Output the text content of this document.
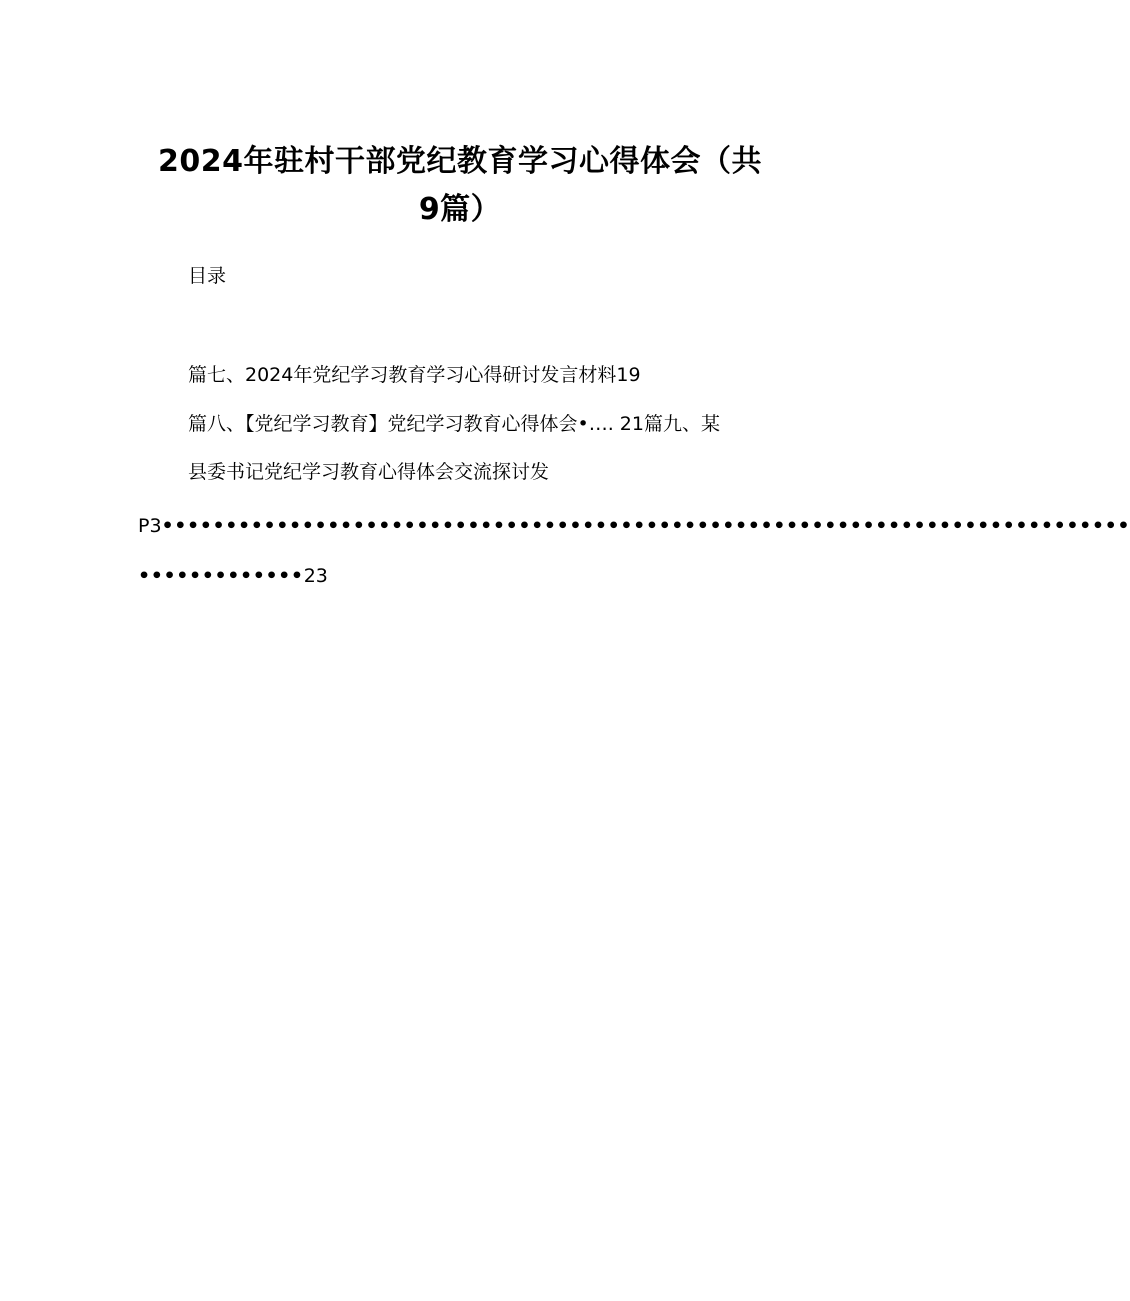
2024年驻村干部党纪教育学习心得体会（共
9篇）
目录
篇七、2024年党纪学习教育学习心得研讨发言材料19
篇八、【党纪学习教育】党纪学习教育心得体会•…. 21篇九、某
县委书记党纪学习教育心得体会交流探讨发
P3••••••••••••••••••••••••••••••••••••••••••••••••••••••••••••••••••••••••••••
•••••••••••••23
